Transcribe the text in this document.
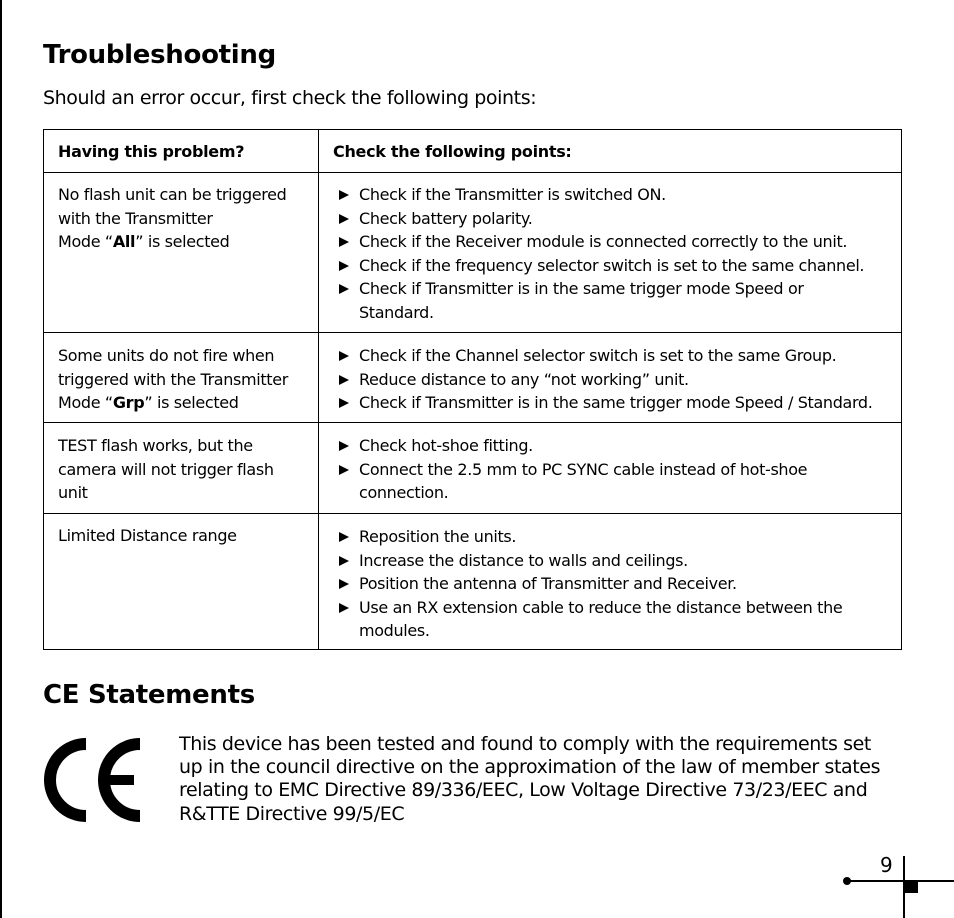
Troubleshooting
Should an error occur, first check the following points:
Having this problem?	Check the following points:
No flash unit can be triggered
with the Transmitter
Mode “All” is selected
Check if the Transmitter is switched ON.
Check battery polarity.
Check if the Receiver module is connected correctly to the unit.
Check if the frequency selector switch is set to the same channel.
Check if Transmitter is in the same trigger mode Speed or Standard.
Some units do not fire when
triggered with the Transmitter
Mode “Grp” is selected
Check if the Channel selector switch is set to the same Group.
Reduce distance to any “not working” unit.
Check if Transmitter is in the same trigger mode Speed / Standard.
TEST flash works, but the
camera will not trigger flash
unit
Check hot-shoe fitting.
Connect the 2.5 mm to PC SYNC cable instead of hot-shoe connection.
Limited Distance range	Reposition the units.
Increase the distance to walls and ceilings.
Position the antenna of Transmitter and Receiver.
Use an RX extension cable to reduce the distance between the modules.
CE Statements
This device has been tested and found to comply with the requirements set up in the council directive on the approximation of the law of member states relating to EMC Directive 89/336/EEC, Low Voltage Directive 73/23/EEC and R&TTE Directive 99/5/EC
9
